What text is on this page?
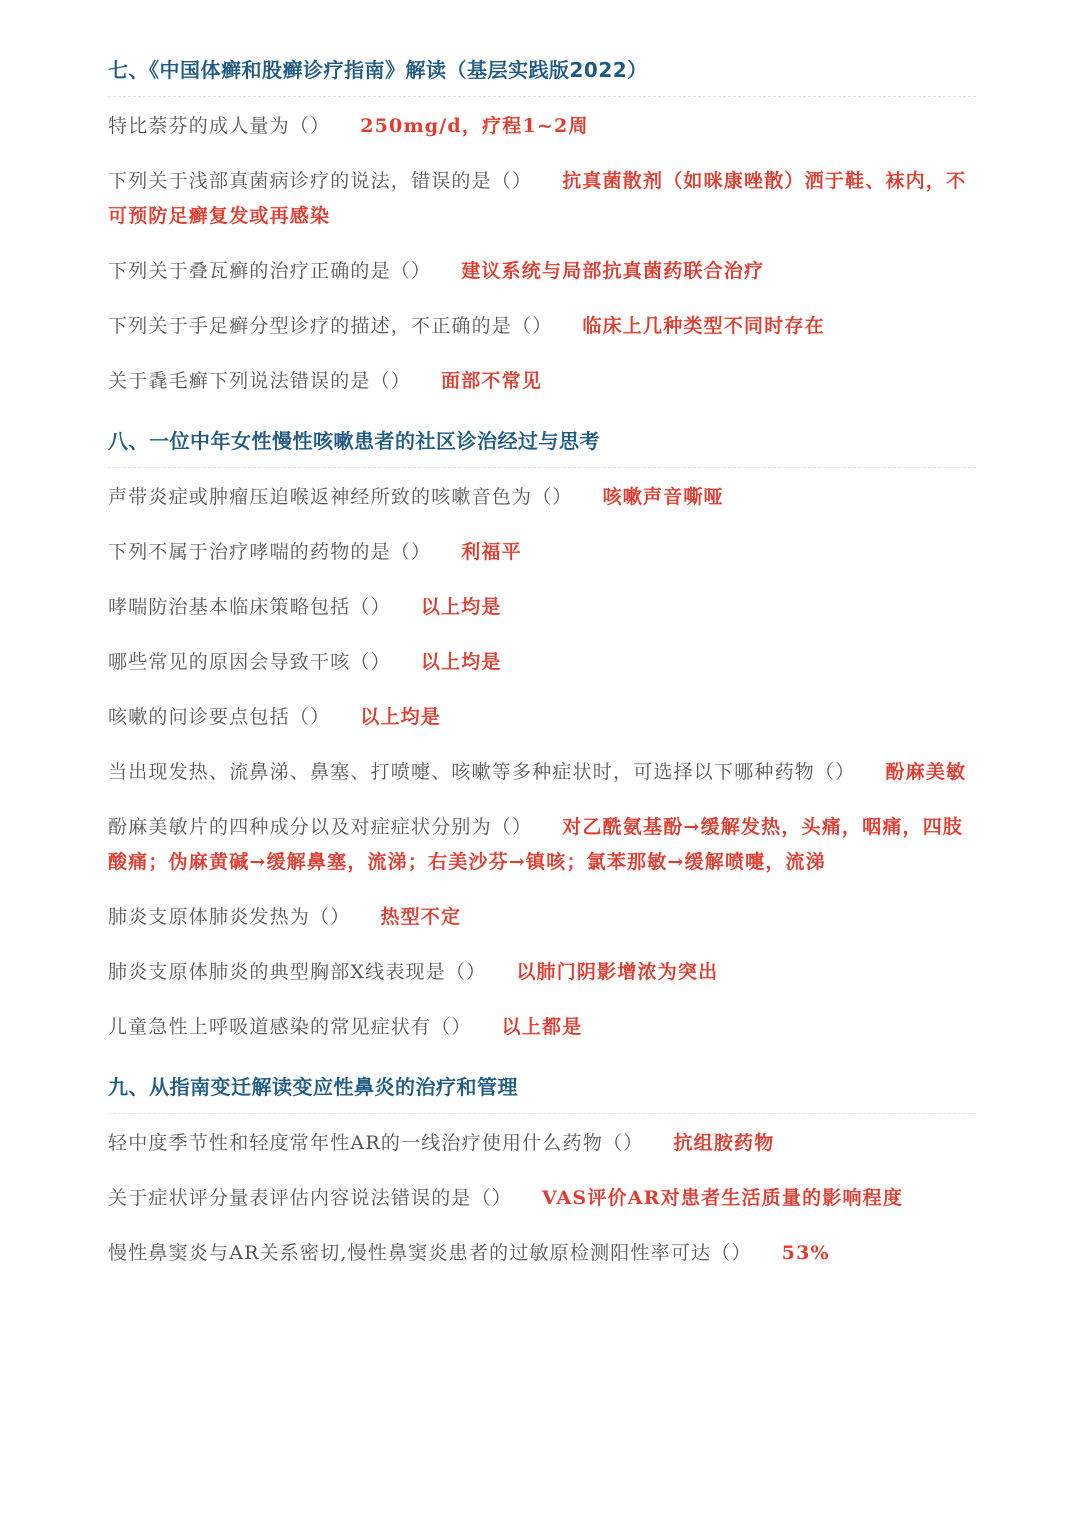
七、《中国体癣和股癣诊疗指南》解读（基层实践版2022）

特比萘芬的成人量为（） 250mg/d，疗程1~2周

下列关于浅部真菌病诊疗的说法，错误的是（） 抗真菌散剂（如咪康唑散）洒于鞋、袜内，不可预防足癣复发或再感染

下列关于叠瓦癣的治疗正确的是（） 建议系统与局部抗真菌药联合治疗

下列关于手足癣分型诊疗的描述，不正确的是（） 临床上几种类型不同时存在

关于毳毛癣下列说法错误的是（） 面部不常见

八、一位中年女性慢性咳嗽患者的社区诊治经过与思考

声带炎症或肿瘤压迫喉返神经所致的咳嗽音色为（） 咳嗽声音嘶哑

下列不属于治疗哮喘的药物的是（） 利福平

哮喘防治基本临床策略包括（） 以上均是

哪些常见的原因会导致干咳（） 以上均是

咳嗽的问诊要点包括（） 以上均是

当出现发热、流鼻涕、鼻塞、打喷嚏、咳嗽等多种症状时，可选择以下哪种药物（） 酚麻美敏

酚麻美敏片的四种成分以及对症症状分别为（） 对乙酰氨基酚→缓解发热，头痛，咽痛，四肢酸痛；伪麻黄碱→缓解鼻塞，流涕；右美沙芬→镇咳；氯苯那敏→缓解喷嚏，流涕

肺炎支原体肺炎发热为（） 热型不定

肺炎支原体肺炎的典型胸部X线表现是（） 以肺门阴影增浓为突出

儿童急性上呼吸道感染的常见症状有（） 以上都是

九、从指南变迁解读变应性鼻炎的治疗和管理

轻中度季节性和轻度常年性AR的一线治疗使用什么药物（） 抗组胺药物

关于症状评分量表评估内容说法错误的是（） VAS评价AR对患者生活质量的影响程度

慢性鼻窦炎与AR关系密切,慢性鼻窦炎患者的过敏原检测阳性率可达（） 53%
